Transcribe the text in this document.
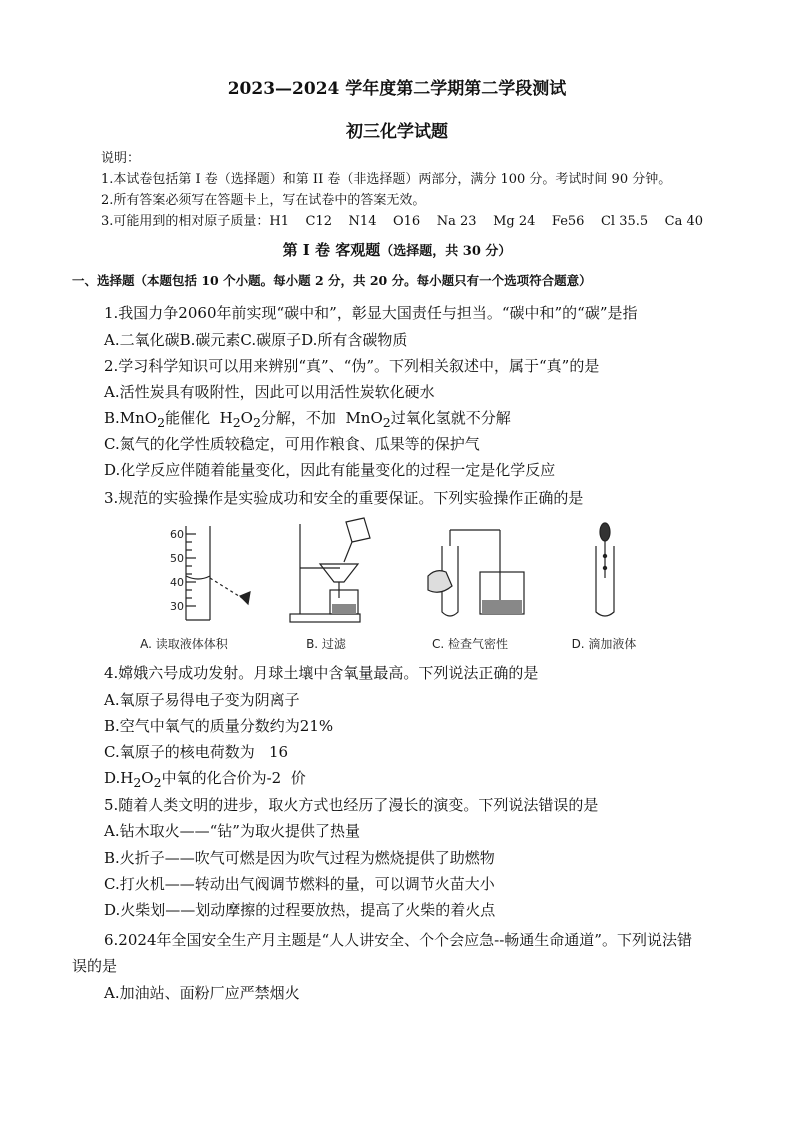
2023—2024 学年度第二学期第二学段测试
初三化学试题
说明：
1.本试卷包括第 I 卷（选择题）和第 II 卷（非选择题）两部分，满分 100 分。考试时间 90 分钟。
2.所有答案必须写在答题卡上，写在试卷中的答案无效。
3.可能用到的相对原子质量：H1    C12    N14    O16    Na 23    Mg 24    Fe56    Cl 35.5    Ca 40
第 Ⅰ 卷 客观题（选择题，共 30 分）
一、选择题（本题包括 10 个小题。每小题 2 分，共 20 分。每小题只有一个选项符合题意）
1.我国力争2060年前实现“碳中和”，彰显大国责任与担当。“碳中和”的“碳”是指
A.二氧化碳B.碳元素C.碳原子D.所有含碳物质
2.学习科学知识可以用来辨别“真”、“伪”。下列相关叙述中，属于“真”的是
A.活性炭具有吸附性，因此可以用活性炭软化硬水
B.MnO$_2$能催化  $H_2O_2$分解，不加  MnO$_2$过氧化氢就不分解
C.氮气的化学性质较稳定，可用作粮食、瓜果等的保护气
D.化学反应伴随着能量变化，因此有能量变化的过程一定是化学反应
3.规范的实验操作是实验成功和安全的重要保证。下列实验操作正确的是
60
50
40
30
A. 读取液体体积	B. 过滤	C. 检查气密性	D. 滴加液体
4.嫦娥六号成功发射。月球土壤中含氧量最高。下列说法正确的是
A.氧原子易得电子变为阴离子
B.空气中氧气的质量分数约为21%
C.氧原子的核电荷数为   16
$D.H_2O_2$中氧的化合价为-2  价
5.随着人类文明的进步，取火方式也经历了漫长的演变。下列说法错误的是
A.钻木取火——“钻”为取火提供了热量
B.火折子——吹气可燃是因为吹气过程为燃烧提供了助燃物
C.打火机——转动出气阀调节燃料的量，可以调节火苗大小
D.火柴划——划动摩擦的过程要放热，提高了火柴的着火点
6.2024年全国安全生产月主题是“人人讲安全、个个会应急--畅通生命通道”。下列说法错
误的是
A.加油站、面粉厂应严禁烟火
